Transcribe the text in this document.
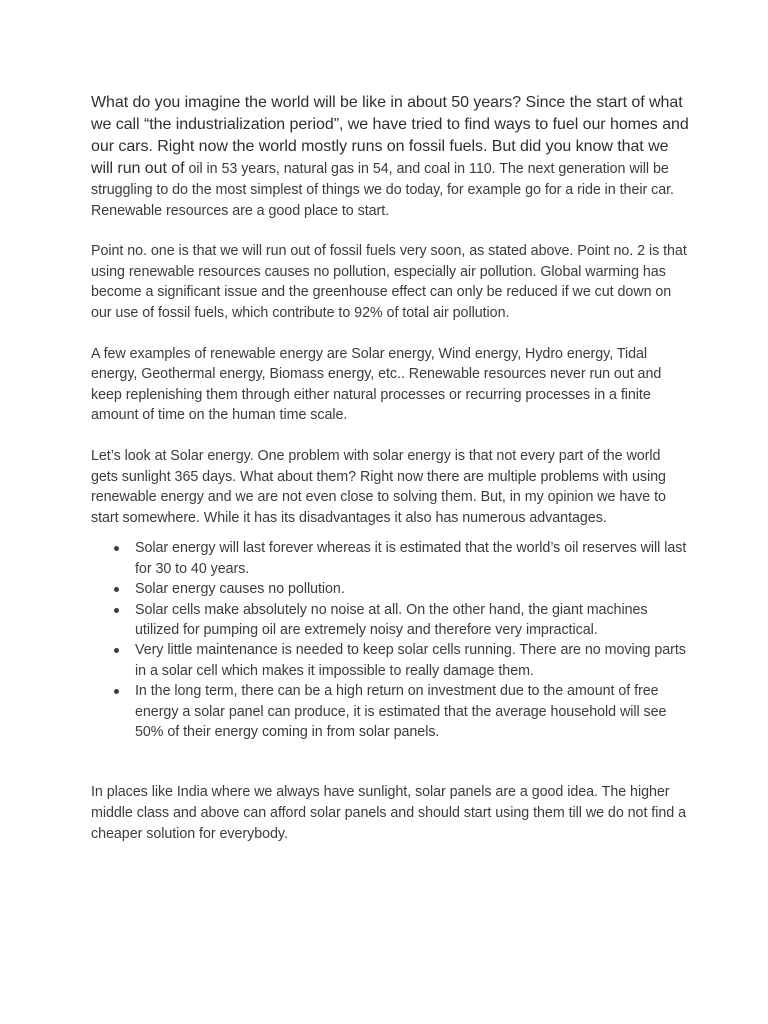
What do you imagine the world will be like in about 50 years? Since the start of what we call “the industrialization period”, we have tried to find ways to fuel our homes and our cars. Right now the world mostly runs on fossil fuels. But did you know that we will run out of oil in 53 years, natural gas in 54, and coal in 110. The next generation will be struggling to do the most simplest of things we do today, for example go for a ride in their car. Renewable resources are a good place to start.

Point no. one is that we will run out of fossil fuels very soon, as stated above. Point no. 2 is that using renewable resources causes no pollution, especially air pollution. Global warming has become a significant issue and the greenhouse effect can only be reduced if we cut down on our use of fossil fuels, which contribute to 92% of total air pollution.

A few examples of renewable energy are Solar energy, Wind energy, Hydro energy, Tidal energy, Geothermal energy, Biomass energy, etc.. Renewable resources never run out and keep replenishing them through either natural processes or recurring processes in a finite amount of time on the human time scale.

Let’s look at Solar energy. One problem with solar energy is that not every part of the world gets sunlight 365 days. What about them? Right now there are multiple problems with using renewable energy and we are not even close to solving them. But, in my opinion we have to start somewhere. While it has its disadvantages it also has numerous advantages.

Solar energy will last forever whereas it is estimated that the world’s oil reserves will last for 30 to 40 years.
Solar energy causes no pollution.
Solar cells make absolutely no noise at all. On the other hand, the giant machines utilized for pumping oil are extremely noisy and therefore very impractical.
Very little maintenance is needed to keep solar cells running. There are no moving parts in a solar cell which makes it impossible to really damage them.
In the long term, there can be a high return on investment due to the amount of free energy a solar panel can produce, it is estimated that the average household will see 50% of their energy coming in from solar panels.

In places like India where we always have sunlight, solar panels are a good idea. The higher middle class and above can afford solar panels and should start using them till we do not find a cheaper solution for everybody.
